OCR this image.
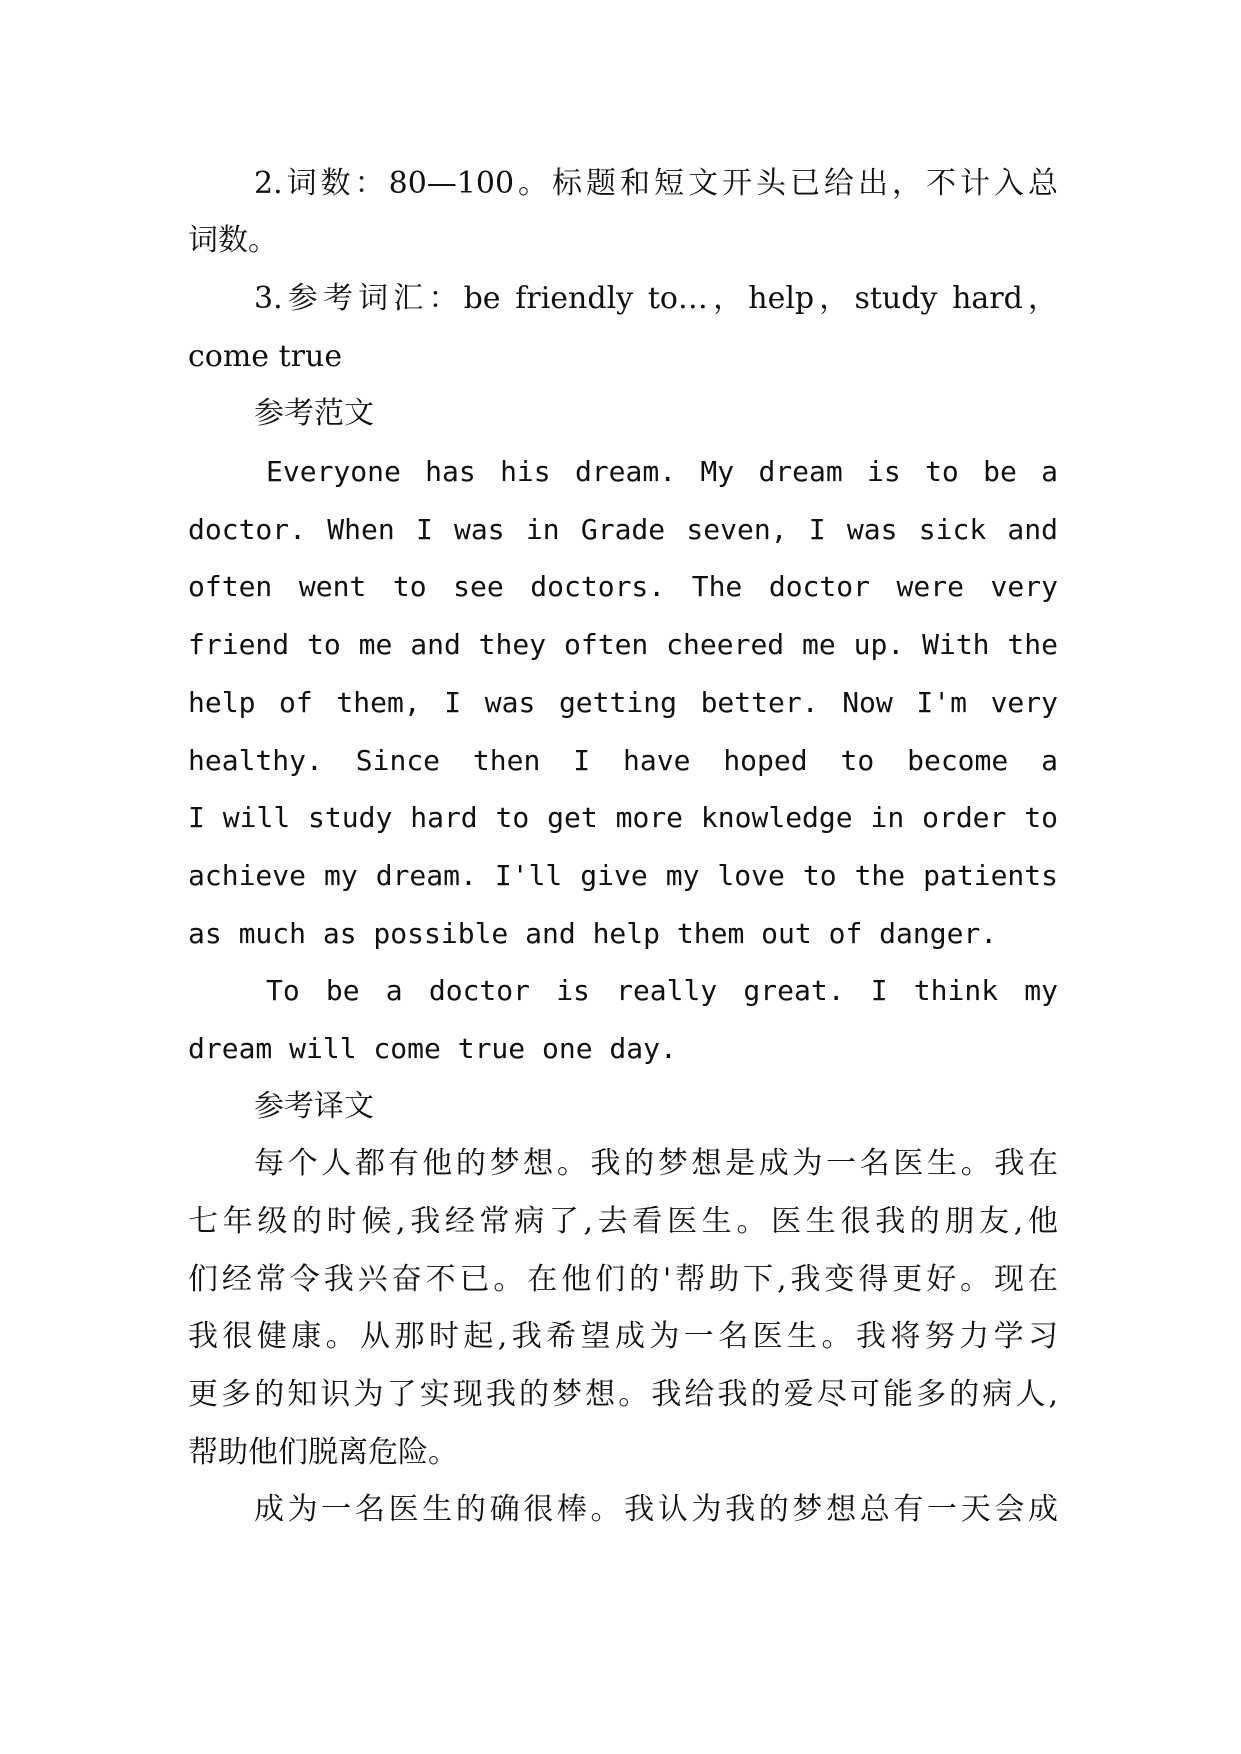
2.词数：80—100。标题和短文开头已给出，不计入总
词数。
3.参考词汇：be friendly to…，help，study hard，
come true
参考范文
Everyone has his dream. My dream is to be a
doctor. When I was in Grade seven, I was sick and
often went to see doctors. The doctor were very
friend to me and they often cheered me up. With the
help of them, I was getting better. Now I'm very
healthy. Since then I have hoped to become a
I will study hard to get more knowledge in order to
achieve my dream. I'll give my love to the patients
as much as possible and help them out of danger.
To be a doctor is really great. I think my
dream will come true one day.
参考译文
每个人都有他的梦想。我的梦想是成为一名医生。我在
七年级的时候,我经常病了,去看医生。医生很我的朋友,他
们经常令我兴奋不已。在他们的'帮助下,我变得更好。现在
我很健康。从那时起,我希望成为一名医生。我将努力学习
更多的知识为了实现我的梦想。我给我的爱尽可能多的病人,
帮助他们脱离危险。
成为一名医生的确很棒。我认为我的梦想总有一天会成
